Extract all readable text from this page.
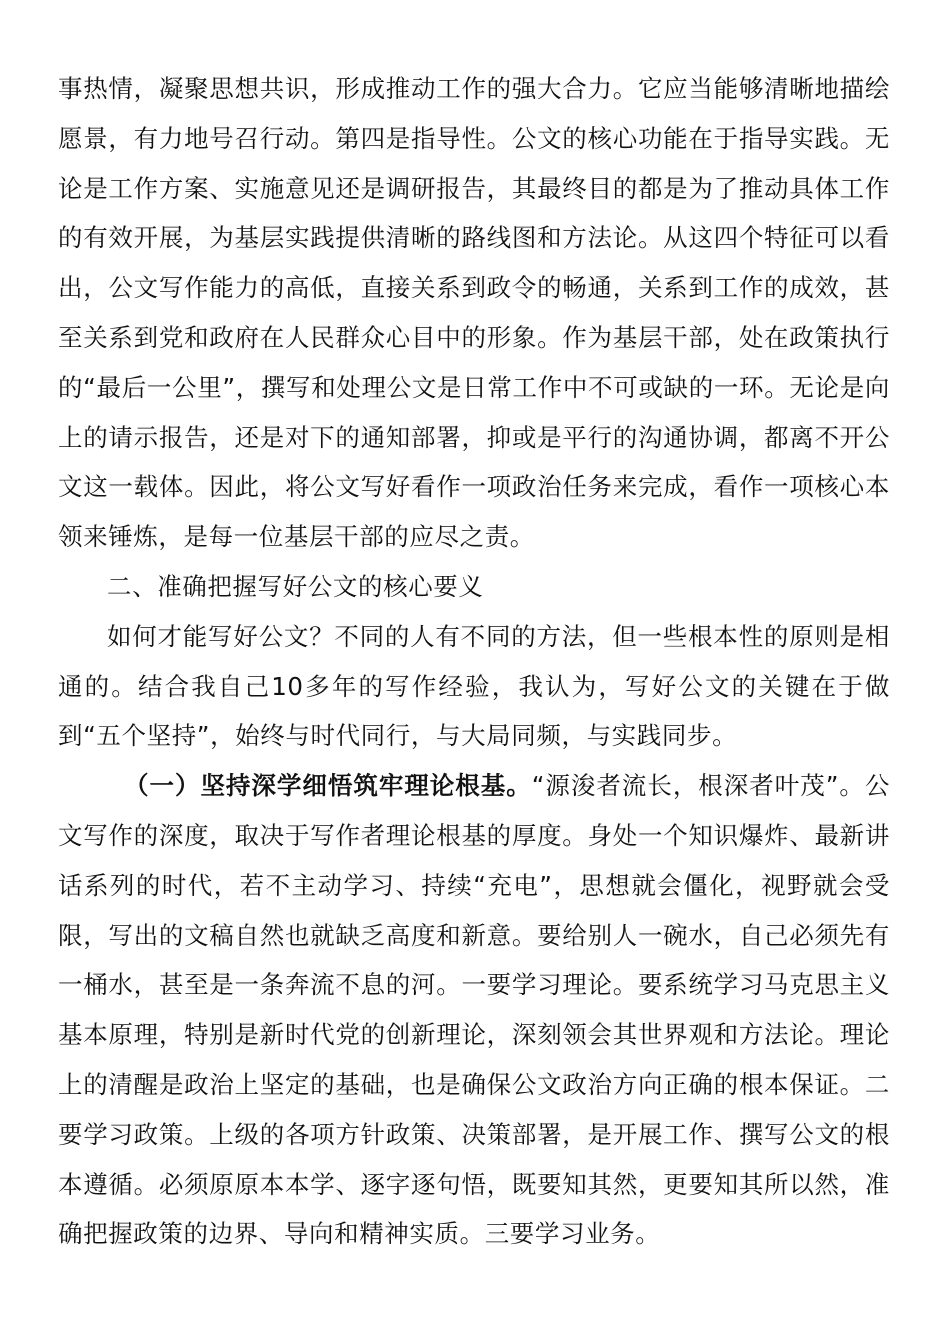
事热情，凝聚思想共识，形成推动工作的强大合力。它应当能够清晰地描绘愿景，有力地号召行动。第四是指导性。公文的核心功能在于指导实践。无论是工作方案、实施意见还是调研报告，其最终目的都是为了推动具体工作的有效开展，为基层实践提供清晰的路线图和方法论。从这四个特征可以看出，公文写作能力的高低，直接关系到政令的畅通，关系到工作的成效，甚至关系到党和政府在人民群众心目中的形象。作为基层干部，处在政策执行的“最后一公里”，撰写和处理公文是日常工作中不可或缺的一环。无论是向上的请示报告，还是对下的通知部署，抑或是平行的沟通协调，都离不开公文这一载体。因此，将公文写好看作一项政治任务来完成，看作一项核心本领来锤炼，是每一位基层干部的应尽之责。

二、准确把握写好公文的核心要义

如何才能写好公文？不同的人有不同的方法，但一些根本性的原则是相通的。结合我自己10多年的写作经验，我认为，写好公文的关键在于做到“五个坚持”，始终与时代同行，与大局同频，与实践同步。

（一）坚持深学细悟筑牢理论根基。“源浚者流长，根深者叶茂”。公文写作的深度，取决于写作者理论根基的厚度。身处一个知识爆炸、最新讲话系列的时代，若不主动学习、持续“充电”，思想就会僵化，视野就会受限，写出的文稿自然也就缺乏高度和新意。要给别人一碗水，自己必须先有一桶水，甚至是一条奔流不息的河。一要学习理论。要系统学习马克思主义基本原理，特别是新时代党的创新理论，深刻领会其世界观和方法论。理论上的清醒是政治上坚定的基础，也是确保公文政治方向正确的根本保证。二要学习政策。上级的各项方针政策、决策部署，是开展工作、撰写公文的根本遵循。必须原原本本学、逐字逐句悟，既要知其然，更要知其所以然，准确把握政策的边界、导向和精神实质。三要学习业务。
